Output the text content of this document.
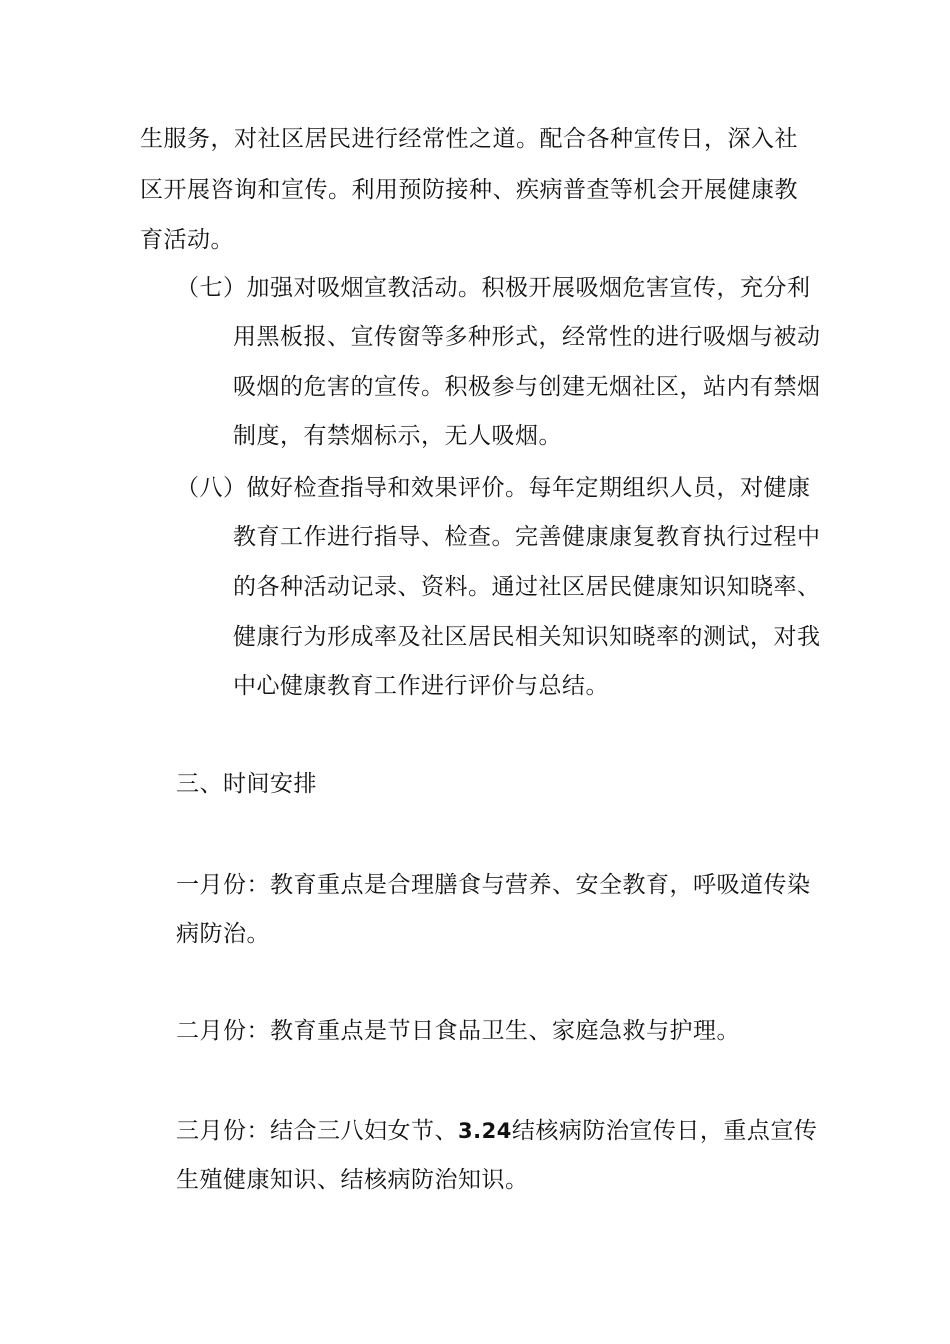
生服务，对社区居民进行经常性之道。配合各种宣传日，深入社
区开展咨询和宣传。利用预防接种、疾病普查等机会开展健康教
育活动。
（七）加强对吸烟宣教活动。积极开展吸烟危害宣传，充分利
用黑板报、宣传窗等多种形式，经常性的进行吸烟与被动
吸烟的危害的宣传。积极参与创建无烟社区，站内有禁烟
制度，有禁烟标示，无人吸烟。
（八）做好检查指导和效果评价。每年定期组织人员，对健康
教育工作进行指导、检查。完善健康康复教育执行过程中
的各种活动记录、资料。通过社区居民健康知识知晓率、
健康行为形成率及社区居民相关知识知晓率的测试，对我
中心健康教育工作进行评价与总结。
三、时间安排
一月份：教育重点是合理膳食与营养、安全教育，呼吸道传染
病防治。
二月份：教育重点是节日食品卫生、家庭急救与护理。
三月份：结合三八妇女节、3.24结核病防治宣传日，重点宣传
生殖健康知识、结核病防治知识。
